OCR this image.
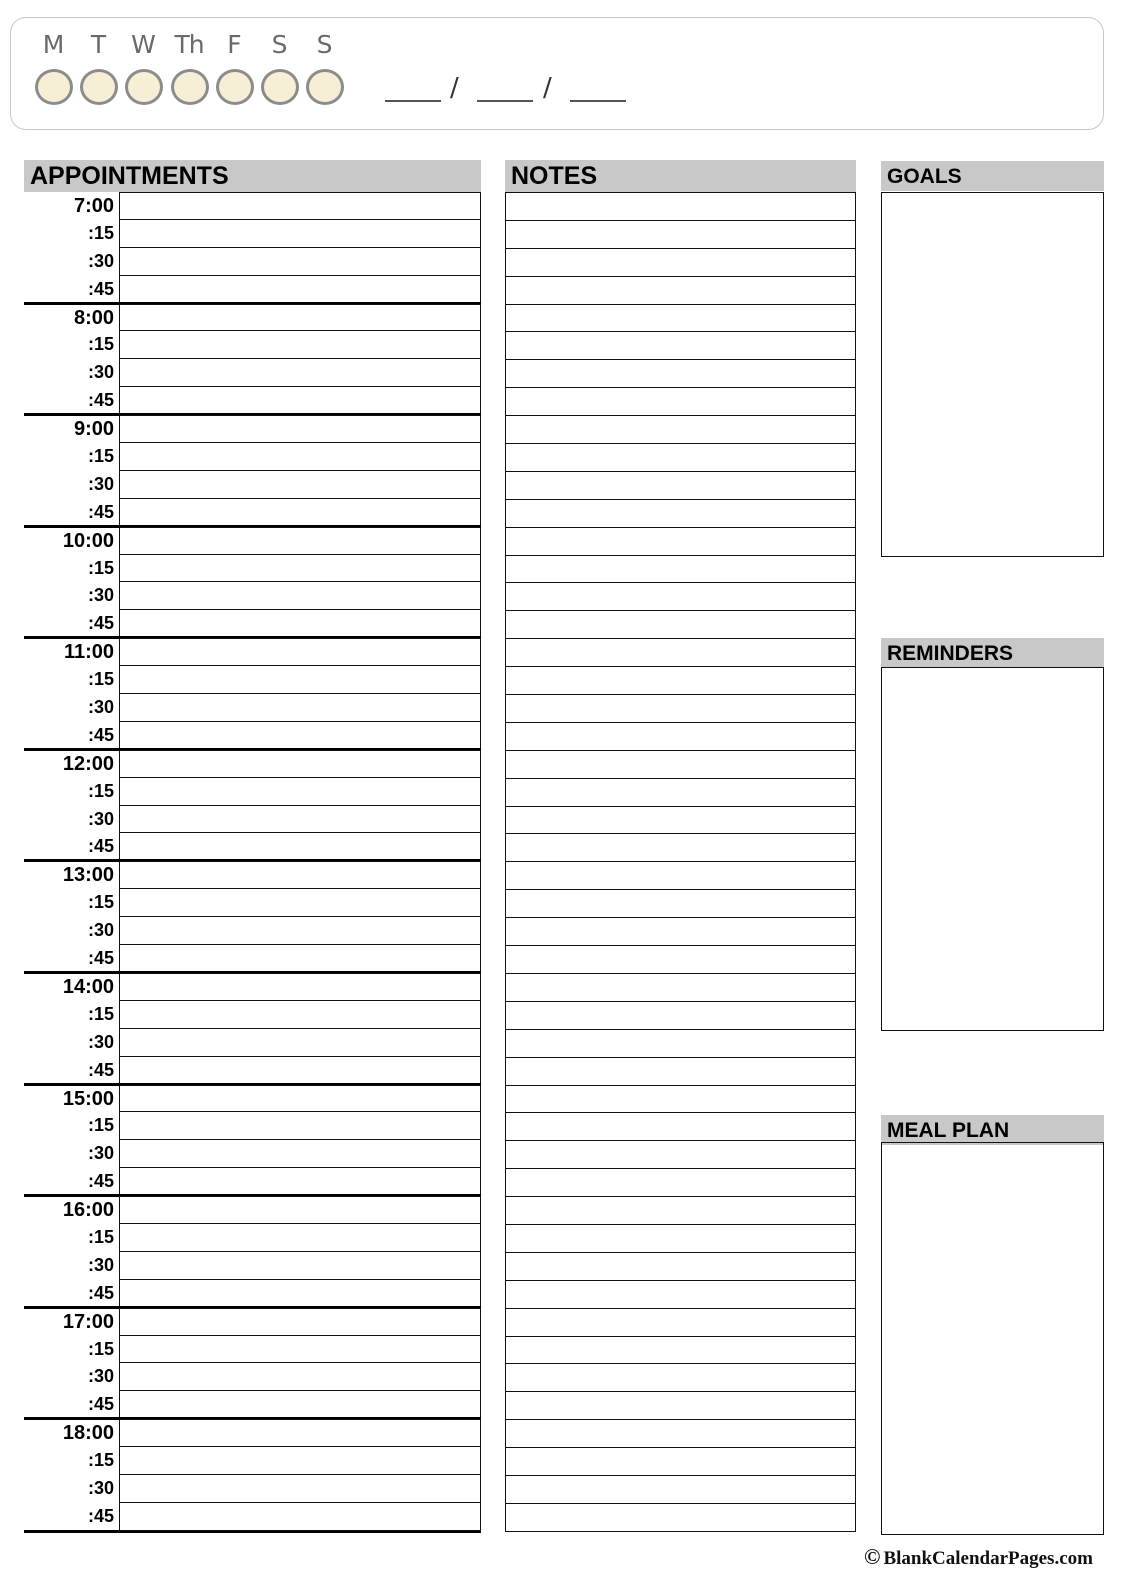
M	T	W Th F	S	S
/	/
APPOINTMENTS	NOTES	GOALS
REMINDERS
MEAL PLAN
7:00
:15
:30
:45
8:00
:15
:30
:45
9:00
:15
:30
:45
10:00
:15
:30
:45
11:00
:15
:30
:45
12:00
:15
:30
:45
13:00
:15
:30
:45
14:00
:15
:30
:45
15:00
:15
:30
:45
16:00
:15
:30
:45
17:00
:15
:30
:45
18:00
:15
:30
:45
© BlankCalendarPages.com
